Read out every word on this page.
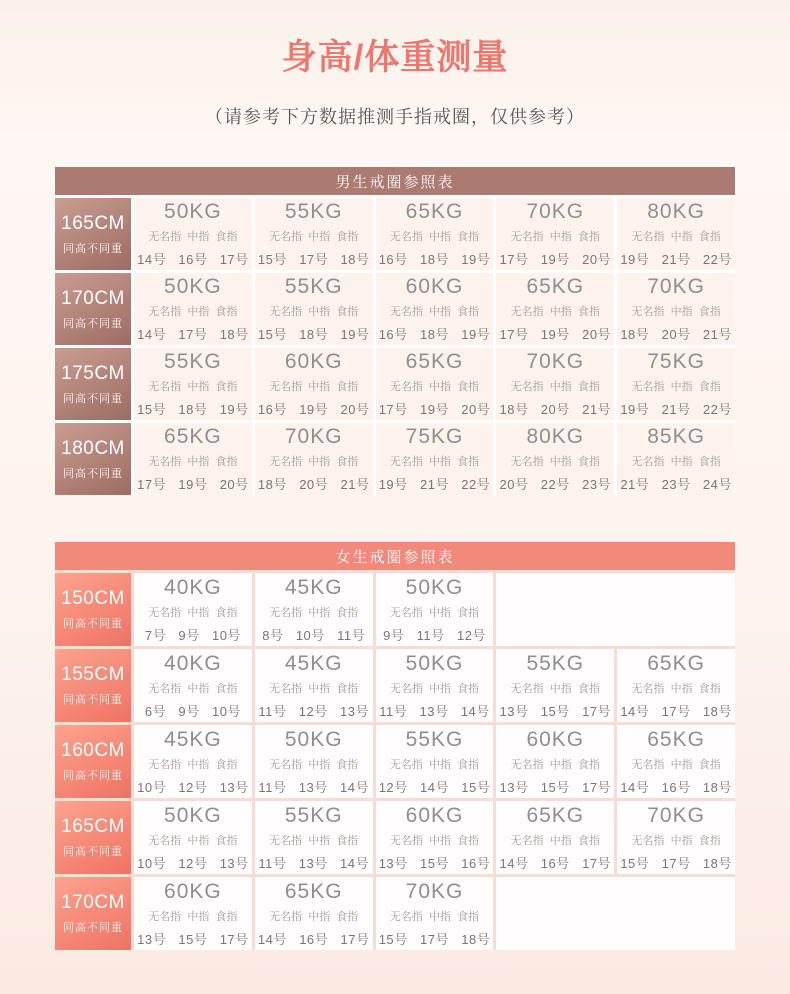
身高/体重测量
（请参考下方数据推测手指戒圈，仅供参考）
男生戒圈参照表
165CM
同高不同重
50KG
无名指  中指  食指
14号   16号   17号
55KG
无名指  中指  食指
15号   17号   18号
65KG
无名指  中指  食指
16号   18号   19号
70KG
无名指  中指  食指
17号   19号   20号
80KG
无名指  中指  食指
19号   21号   22号
170CM
同高不同重
50KG
无名指  中指  食指
14号   17号   18号
55KG
无名指  中指  食指
15号   18号   19号
60KG
无名指  中指  食指
16号   18号   19号
65KG
无名指  中指  食指
17号   19号   20号
70KG
无名指  中指  食指
18号   20号   21号
175CM
同高不同重
55KG
无名指  中指  食指
15号   18号   19号
60KG
无名指  中指  食指
16号   19号   20号
65KG
无名指  中指  食指
17号   19号   20号
70KG
无名指  中指  食指
18号   20号   21号
75KG
无名指  中指  食指
19号   21号   22号
180CM
同高不同重
65KG
无名指  中指  食指
17号   19号   20号
70KG
无名指  中指  食指
18号   20号   21号
75KG
无名指  中指  食指
19号   21号   22号
80KG
无名指  中指  食指
20号   22号   23号
85KG
无名指  中指  食指
21号   23号   24号
女生戒圈参照表
150CM
同高不同重
40KG
无名指  中指  食指
7号   9号   10号
45KG
无名指  中指  食指
8号   10号   11号
50KG
无名指  中指  食指
9号   11号   12号
155CM
同高不同重
40KG
无名指  中指  食指
6号   9号   10号
45KG
无名指  中指  食指
11号   12号   13号
50KG
无名指  中指  食指
11号   13号   14号
55KG
无名指  中指  食指
13号   15号   17号
65KG
无名指  中指  食指
14号   17号   18号
160CM
同高不同重
45KG
无名指  中指  食指
10号   12号   13号
50KG
无名指  中指  食指
11号   13号   14号
55KG
无名指  中指  食指
12号   14号   15号
60KG
无名指  中指  食指
13号   15号   17号
65KG
无名指  中指  食指
14号   16号   18号
165CM
同高不同重
50KG
无名指  中指  食指
10号   12号   13号
55KG
无名指  中指  食指
11号   13号   14号
60KG
无名指  中指  食指
13号   15号   16号
65KG
无名指  中指  食指
14号   16号   17号
70KG
无名指  中指  食指
15号   17号   18号
170CM
同高不同重
60KG
无名指  中指  食指
13号   15号   17号
65KG
无名指  中指  食指
14号   16号   17号
70KG
无名指  中指  食指
15号   17号   18号
